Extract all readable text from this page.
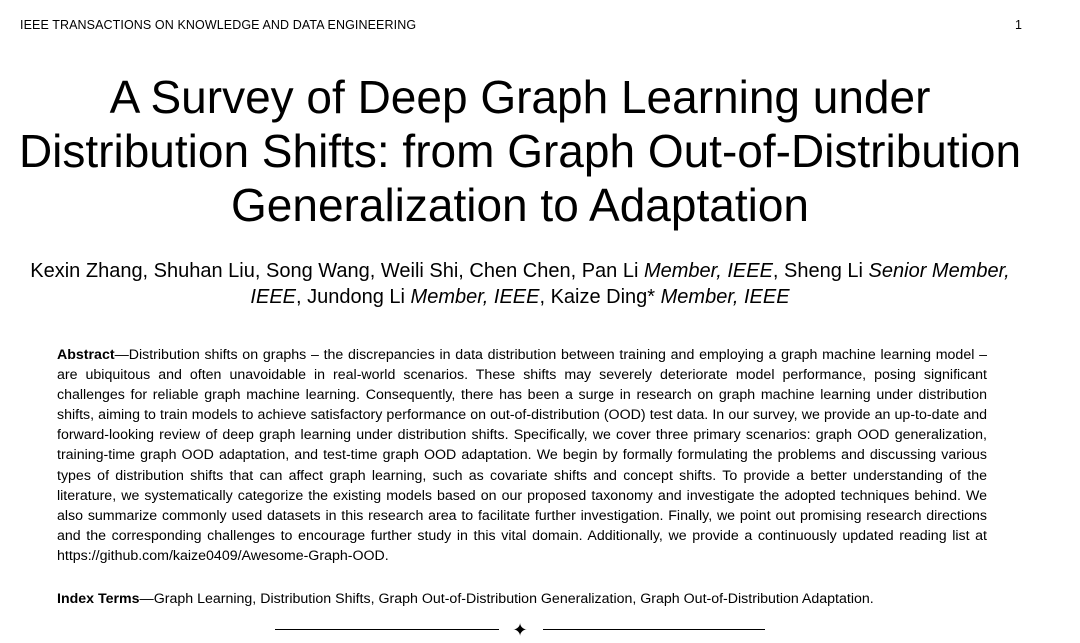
IEEE TRANSACTIONS ON KNOWLEDGE AND DATA ENGINEERING	1
A Survey of Deep Graph Learning under
Distribution Shifts: from Graph Out-of-Distribution
Generalization to Adaptation
Kexin Zhang, Shuhan Liu, Song Wang, Weili Shi, Chen Chen, Pan Li Member, IEEE, Sheng Li Senior Member, IEEE, Jundong Li Member, IEEE, Kaize Ding* Member, IEEE
Abstract—Distribution shifts on graphs – the discrepancies in data distribution between training and employing a graph machine learning model – are ubiquitous and often unavoidable in real-world scenarios. These shifts may severely deteriorate model performance, posing significant challenges for reliable graph machine learning. Consequently, there has been a surge in research on graph machine learning under distribution shifts, aiming to train models to achieve satisfactory performance on out-of-distribution (OOD) test data. In our survey, we provide an up-to-date and forward-looking review of deep graph learning under distribution shifts. Specifically, we cover three primary scenarios: graph OOD generalization, training-time graph OOD adaptation, and test-time graph OOD adaptation. We begin by formally formulating the problems and discussing various types of distribution shifts that can affect graph learning, such as covariate shifts and concept shifts. To provide a better understanding of the literature, we systematically categorize the existing models based on our proposed taxonomy and investigate the adopted techniques behind. We also summarize commonly used datasets in this research area to facilitate further investigation. Finally, we point out promising research directions and the corresponding challenges to encourage further study in this vital domain. Additionally, we provide a continuously updated reading list at https://github.com/kaize0409/Awesome-Graph-OOD.
Index Terms—Graph Learning, Distribution Shifts, Graph Out-of-Distribution Generalization, Graph Out-of-Distribution Adaptation.
✦
